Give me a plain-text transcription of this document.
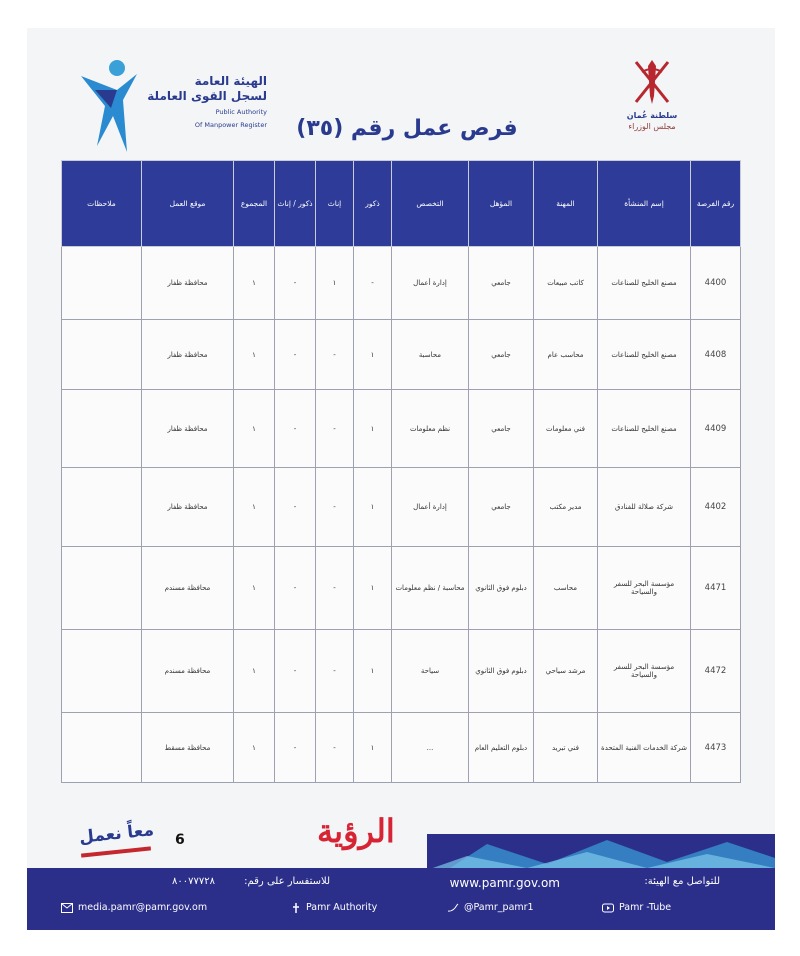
الهيئة العامة
لسجل القوى العاملة
Public Authority
Of Manpower Register
سلطنة عُمان
مجلس الوزراء
فرص عمل رقم (٣٥)
رقم الفرصة	إسم المنشأة	المهنة	المؤهل	التخصص	ذكور	إناث	ذكور / إناث	المجموع	موقع العمل	ملاحظات
4400	مصنع الخليج للصناعات	كاتب مبيعات	جامعي	إدارة أعمال	-	١	-	١	محافظة ظفار	
4408	مصنع الخليج للصناعات	محاسب عام	جامعي	محاسبة	١	-	-	١	محافظة ظفار	
4409	مصنع الخليج للصناعات	فني معلومات	جامعي	نظم معلومات	١	-	-	١	محافظة ظفار	
4402	شركة صلالة للفنادق	مدير مكتب	جامعي	إدارة أعمال	١	-	-	١	محافظة ظفار	
4471	مؤسسة البحر للسفر والسياحة	محاسب	دبلوم فوق الثانوي	محاسبة / نظم معلومات	١	-	-	١	محافظة مسندم	
4472	مؤسسة البحر للسفر والسياحة	مرشد سياحي	دبلوم فوق الثانوي	سياحة	١	-	-	١	محافظة مسندم	
4473	شركة الخدمات الفنية المتحدة	فني تبريد	دبلوم التعليم العام	...	١	-	-	١	محافظة مسقط	
معاً نعمل 6	الرؤية
للتواصل مع الهيئة:
www.pamr.gov.om
للاستفسار على رقم:
٨٠٠٧٧٧٢٨
media.pamr@pamr.gov.om	Pamr Authority	@Pamr_pamr1	Pamr -Tube
